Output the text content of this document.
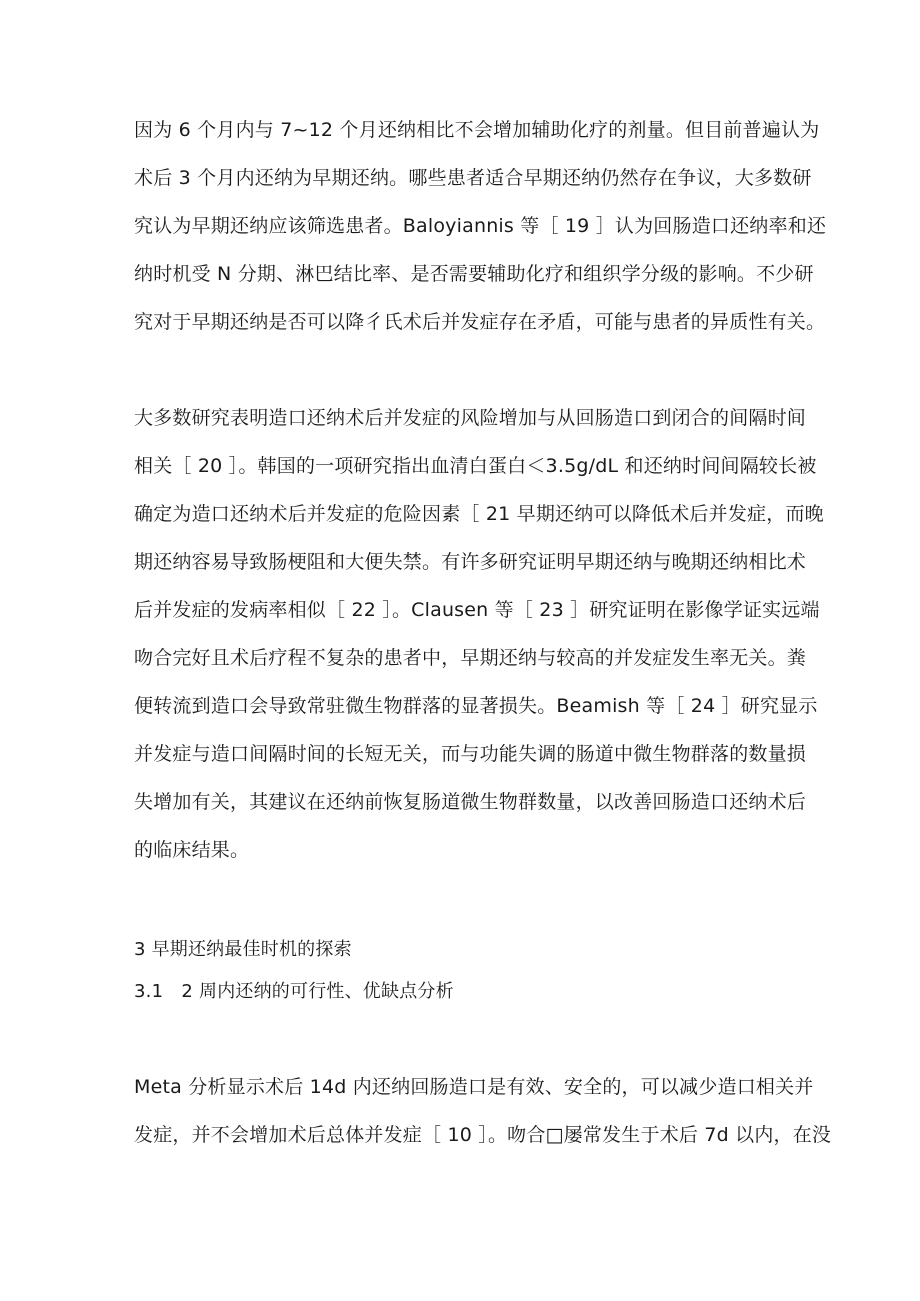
因为 6 个月内与 7~12 个月还纳相比不会增加辅助化疗的剂量。但目前普遍认为
术后 3 个月内还纳为早期还纳。哪些患者适合早期还纳仍然存在争议，大多数研
究认为早期还纳应该筛选患者。Baloyiannis 等［ 19 ］认为回肠造口还纳率和还
纳时机受 N 分期、淋巴结比率、是否需要辅助化疗和组织学分级的影响。不少研
究对于早期还纳是否可以降彳氏术后并发症存在矛盾，可能与患者的异质性有关。
大多数研究表明造口还纳术后并发症的风险增加与从回肠造口到闭合的间隔时间
相关［ 20 ］。韩国的一项研究指出血清白蛋白＜3.5g/dL 和还纳时间间隔较长被
确定为造口还纳术后并发症的危险因素［ 21 早期还纳可以降低术后并发症，而晚
期还纳容易导致肠梗阻和大便失禁。有许多研究证明早期还纳与晚期还纳相比术
后并发症的发病率相似［ 22 ］。Clausen 等［ 23 ］研究证明在影像学证实远端
吻合完好且术后疗程不复杂的患者中，早期还纳与较高的并发症发生率无关。粪
便转流到造口会导致常驻微生物群落的显著损失。Beamish 等［ 24 ］研究显示
并发症与造口间隔时间的长短无关，而与功能失调的肠道中微生物群落的数量损
失增加有关，其建议在还纳前恢复肠道微生物群数量，以改善回肠造口还纳术后
的临床结果。
3 早期还纳最佳时机的探索
3.1　2 周内还纳的可行性、优缺点分析
Meta 分析显示术后 14d 内还纳回肠造口是有效、安全的，可以减少造口相关并
发症，并不会增加术后总体并发症［ 10 ］。吻合□屡常发生于术后 7d 以内，在没
